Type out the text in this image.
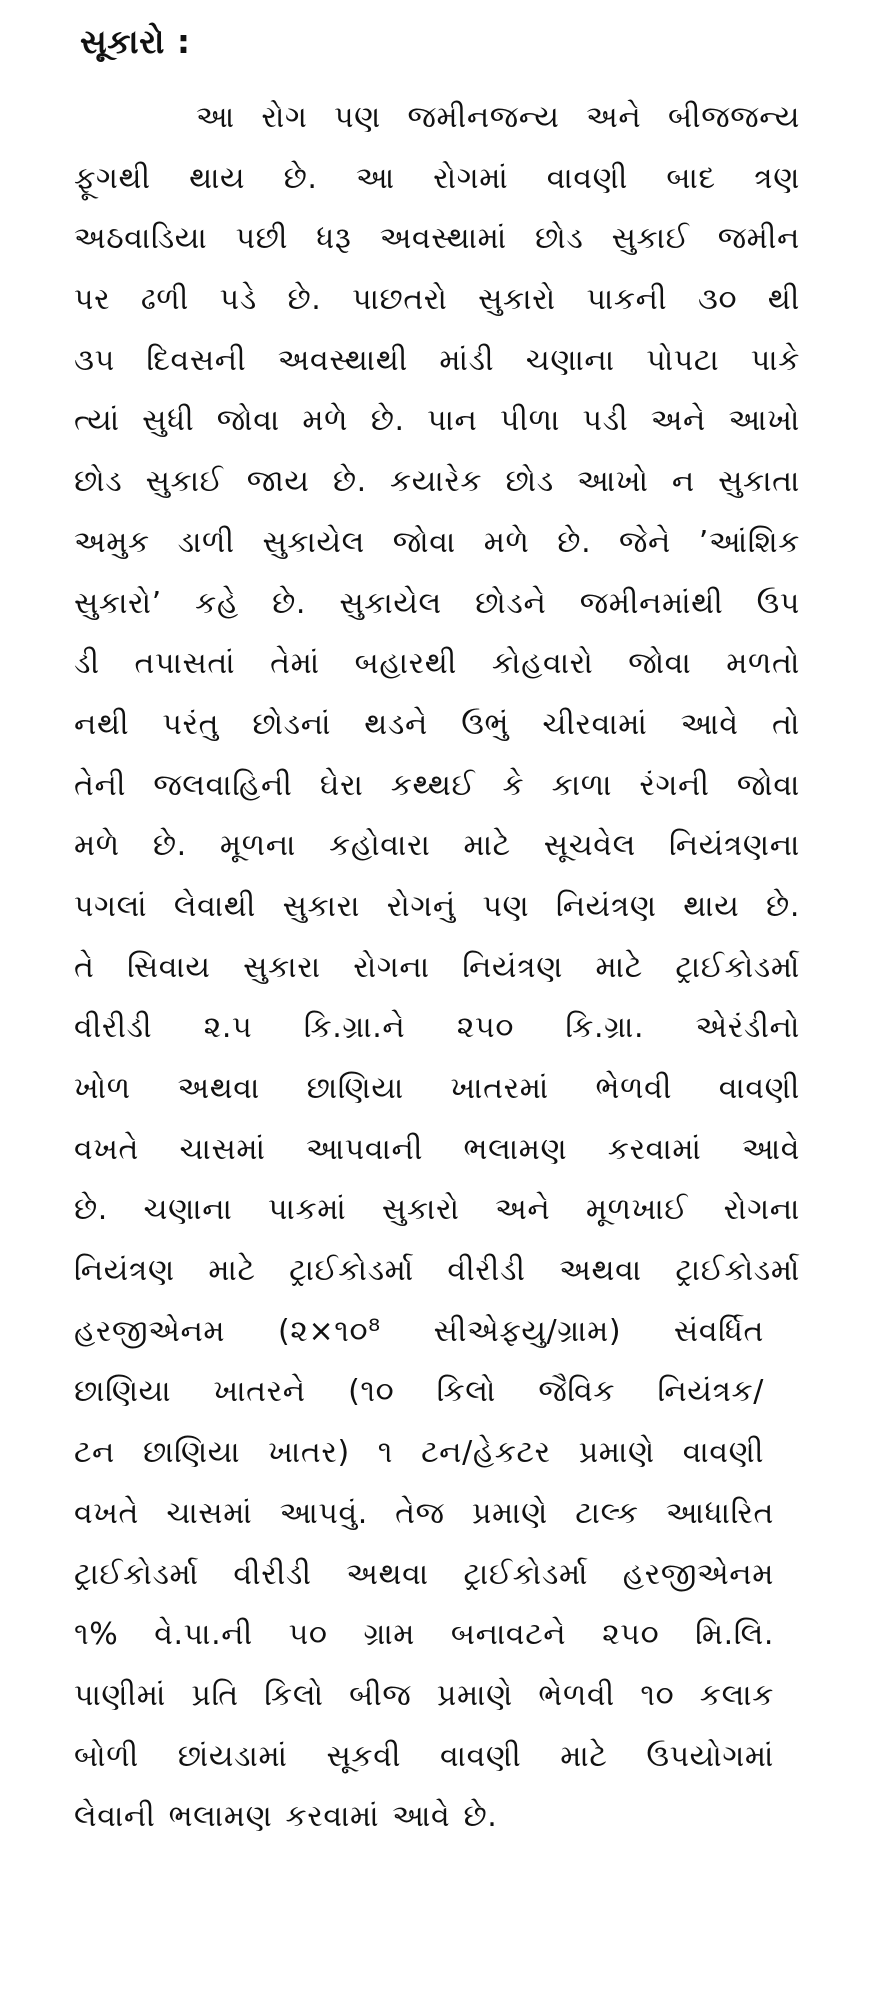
સૂકારો :
આ રોગ પણ જમીનજન્ય અને બીજજન્ય
ફૂગથી થાય છે. આ રોગમાં વાવણી બાદ ત્રણ
અઠવાડિયા પછી ધરૂ અવસ્થામાં છોડ સુકાઈ જમીન
પર ઢળી પડે છે. પાછતરો સુકારો પાકની ૩૦ થી
૩૫ દિવસની અવસ્થાથી માંડી ચણાના પોપટા પાકે
ત્યાં સુધી જોવા મળે છે. પાન પીળા પડી અને આખો
છોડ સુકાઈ જાય છે. કયારેક છોડ આખો ન સુકાતા
અમુક ડાળી સુકાયેલ જોવા મળે છે. જેને ’આંશિક
સુકારો’ કહે છે. સુકાયેલ છોડને જમીનમાંથી ઉપ
ડી તપાસતાં તેમાં બહારથી કોહવારો જોવા મળતો
નથી પરંતુ છોડનાં થડને ઉભું ચીરવામાં આવે તો
તેની જલવાહિની ઘેરા કથ્થઈ કે કાળા રંગની જોવા
મળે છે. મૂળના કહોવારા માટે સૂચવેલ નિયંત્રણના
પગલાં લેવાથી સુકારા રોગનું પણ નિયંત્રણ થાય છે.
તે સિવાય સુકારા રોગના નિયંત્રણ માટે ટ્રાઈકોડર્મા
વીરીડી ૨.૫ કિ.ગ્રા.ને ૨૫૦ કિ.ગ્રા. એરંડીનો
ખોળ અથવા છાણિયા ખાતરમાં ભેળવી વાવણી
વખતે ચાસમાં આપવાની ભલામણ કરવામાં આવે
છે. ચણાના પાકમાં સુકારો અને મૂળખાઈ રોગના
નિયંત્રણ માટે ટ્રાઈકોડર્મા વીરીડી અથવા ટ્રાઈકોડર્મા
હરજીએનમ (૨×૧૦⁸ સીએફયુ/ગ્રામ) સંવર્ધિત
છાણિયા ખાતરને (૧૦ કિલો જૈવિક નિયંત્રક/
ટન છાણિયા ખાતર) ૧ ટન/હેકટર પ્રમાણે વાવણી
વખતે ચાસમાં આપવું. તેજ પ્રમાણે ટાલ્ક આધારિત
ટ્રાઈકોડર્મા વીરીડી અથવા ટ્રાઈકોડર્મા હરજીએનમ
૧% વે.પા.ની ૫૦ ગ્રામ બનાવટને ૨૫૦ મિ.લિ.
પાણીમાં પ્રતિ કિલો બીજ પ્રમાણે ભેળવી ૧૦ કલાક
બોળી છાંયડામાં સૂકવી વાવણી માટે ઉપયોગમાં
લેવાની ભલામણ કરવામાં આવે છે.
